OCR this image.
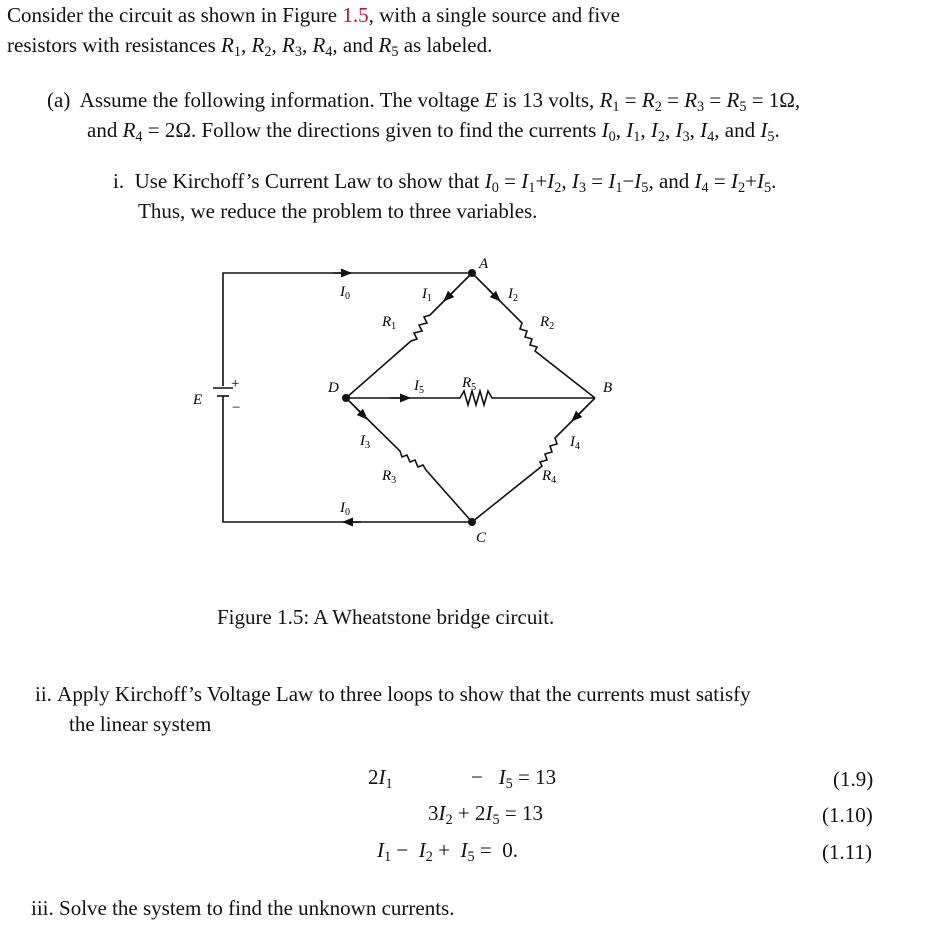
Consider the circuit as shown in Figure 1.5, with a single source and five
resistors with resistances $R_1$, $R_2$, $R_3$, $R_4$, and $R_5$ as labeled.
(a) Assume the following information. The voltage E is 13 volts, $R_1 = R_2 = R_3 = R_5 = 1\Omega$,
and $R_4 = 2\Omega$. Follow the directions given to find the currents $I_0$, $I_1$, $I_2$, $I_3$, $I_4$, and $I_5$.
i. Use Kirchoff’s Current Law to show that $I_0 = I_1+I_2$, $I_3 = I_1-I_5$, and $I_4 = I_2+I_5$.
Thus, we reduce the problem to three variables.
A
B
C
D
E
+
−
$R_1$	$R_2$
$R_3$	$R_4$
$R_5$
$I_0$	$I_1$	$I_2$
$I_5$
$I_3$	$I_4$
$I_0$
Figure 1.5: A Wheatstone bridge circuit.
ii. Apply Kirchoff’s Voltage Law to three loops to show that the currents must satisfy
the linear system
$2I_1$	−   $I_5 = 13$	(1.9)
$3I_2 + 2I_5 = 13$	(1.10)
$I_1 - I_2 + I_5 = 0$.	(1.11)
iii. Solve the system to find the unknown currents.
